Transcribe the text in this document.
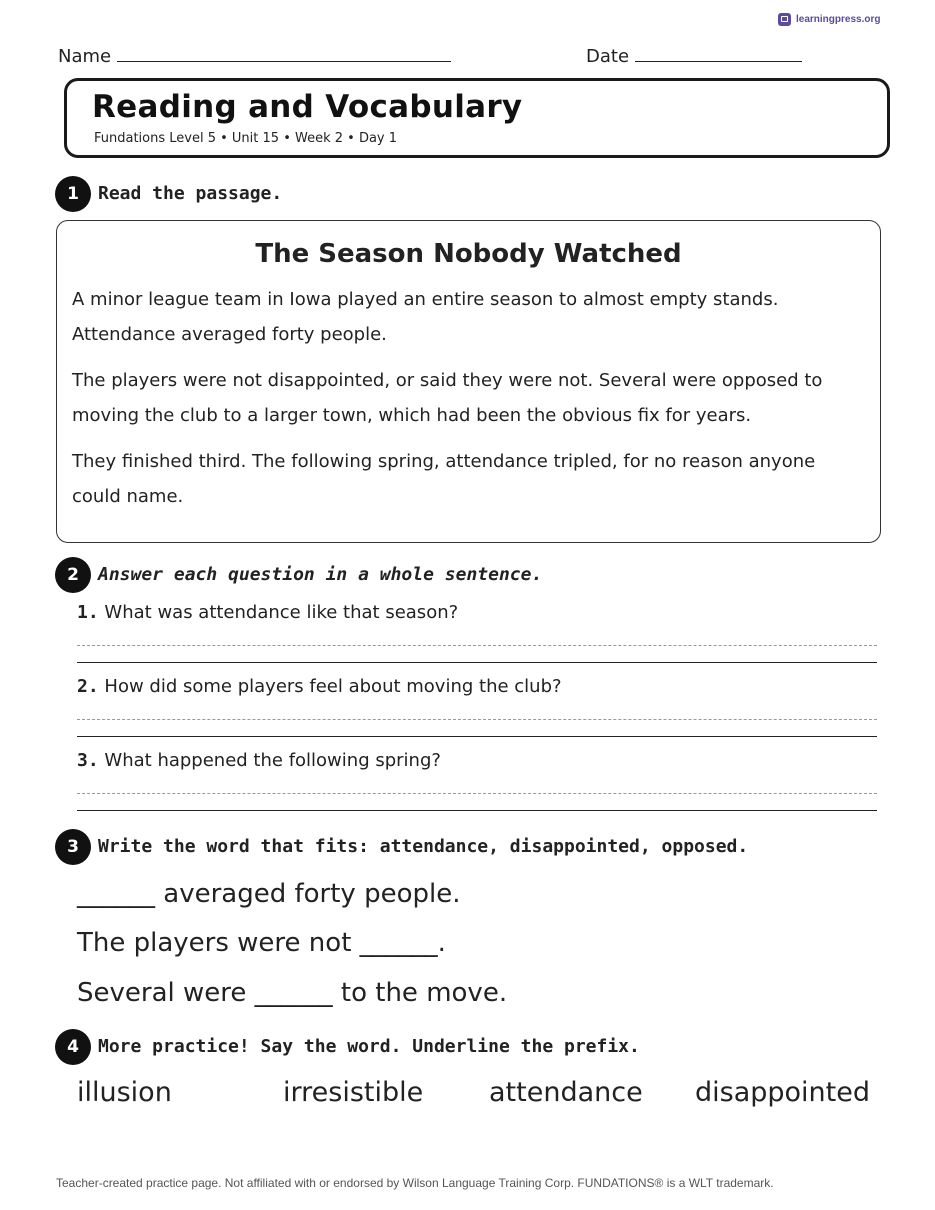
learningpress.org
Name	Date
Reading and Vocabulary
Fundations Level 5 • Unit 15 • Week 2 • Day 1
1	Read the passage.
The Season Nobody Watched
A minor league team in Iowa played an entire season to almost empty stands. Attendance averaged forty people.
The players were not disappointed, or said they were not. Several were opposed to moving the club to a larger town, which had been the obvious fix for years.
They finished third. The following spring, attendance tripled, for no reason anyone could name.
2	Answer each question in a whole sentence.
1. What was attendance like that season?
2. How did some players feel about moving the club?
3. What happened the following spring?
3	Write the word that fits: attendance, disappointed, opposed.
______ averaged forty people.
The players were not ______.
Several were ______ to the move.
4	More practice! Say the word. Underline the prefix.
illusion	irresistible attendance disappointed
Teacher-created practice page. Not affiliated with or endorsed by Wilson Language Training Corp. FUNDATIONS® is a WLT trademark.
